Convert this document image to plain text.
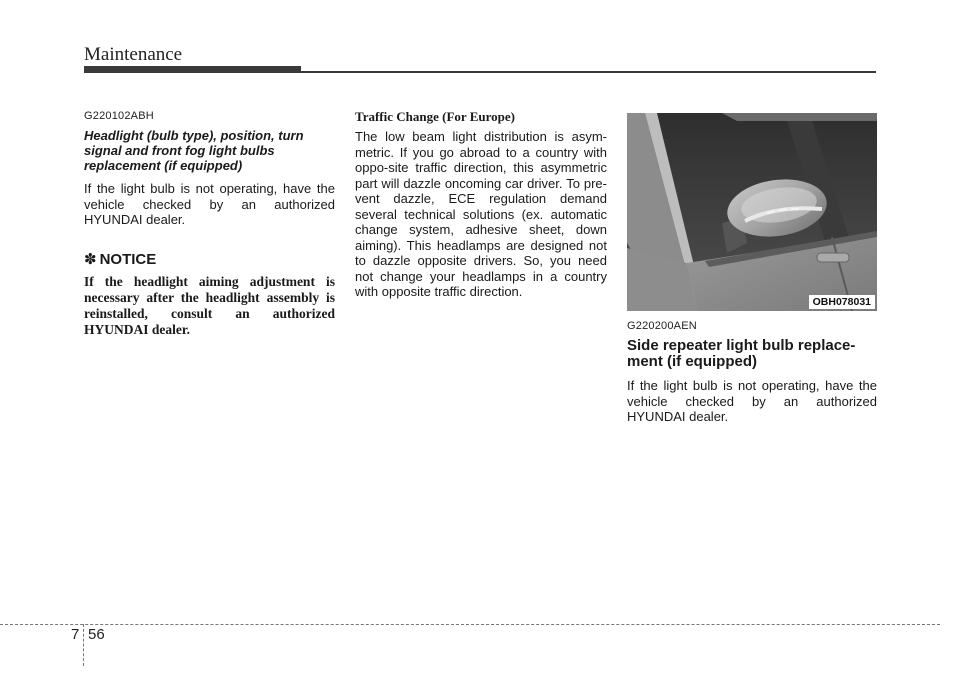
Maintenance

G220102ABH

Headlight (bulb type), position, turn signal and front fog light bulbs replacement (if equipped)

If the light bulb is not operating, have the vehicle checked by an authorized HYUNDAI dealer.

✽ NOTICE

If the headlight aiming adjustment is necessary after the headlight assembly is reinstalled, consult an authorized HYUNDAI dealer.

Traffic Change (For Europe)

The low beam light distribution is asym-metric. If you go abroad to a country with oppo-site traffic direction, this asymmetric part will dazzle oncoming car driver. To pre-vent dazzle, ECE regulation demand several technical solutions (ex. automatic change system, adhesive sheet, down aiming). This headlamps are designed not to dazzle opposite drivers. So, you need not change your headlamps in a country with opposite traffic direction.

OBH078031

G220200AEN

Side repeater light bulb replace-ment (if equipped)

If the light bulb is not operating, have the vehicle checked by an authorized HYUNDAI dealer.

7 56
